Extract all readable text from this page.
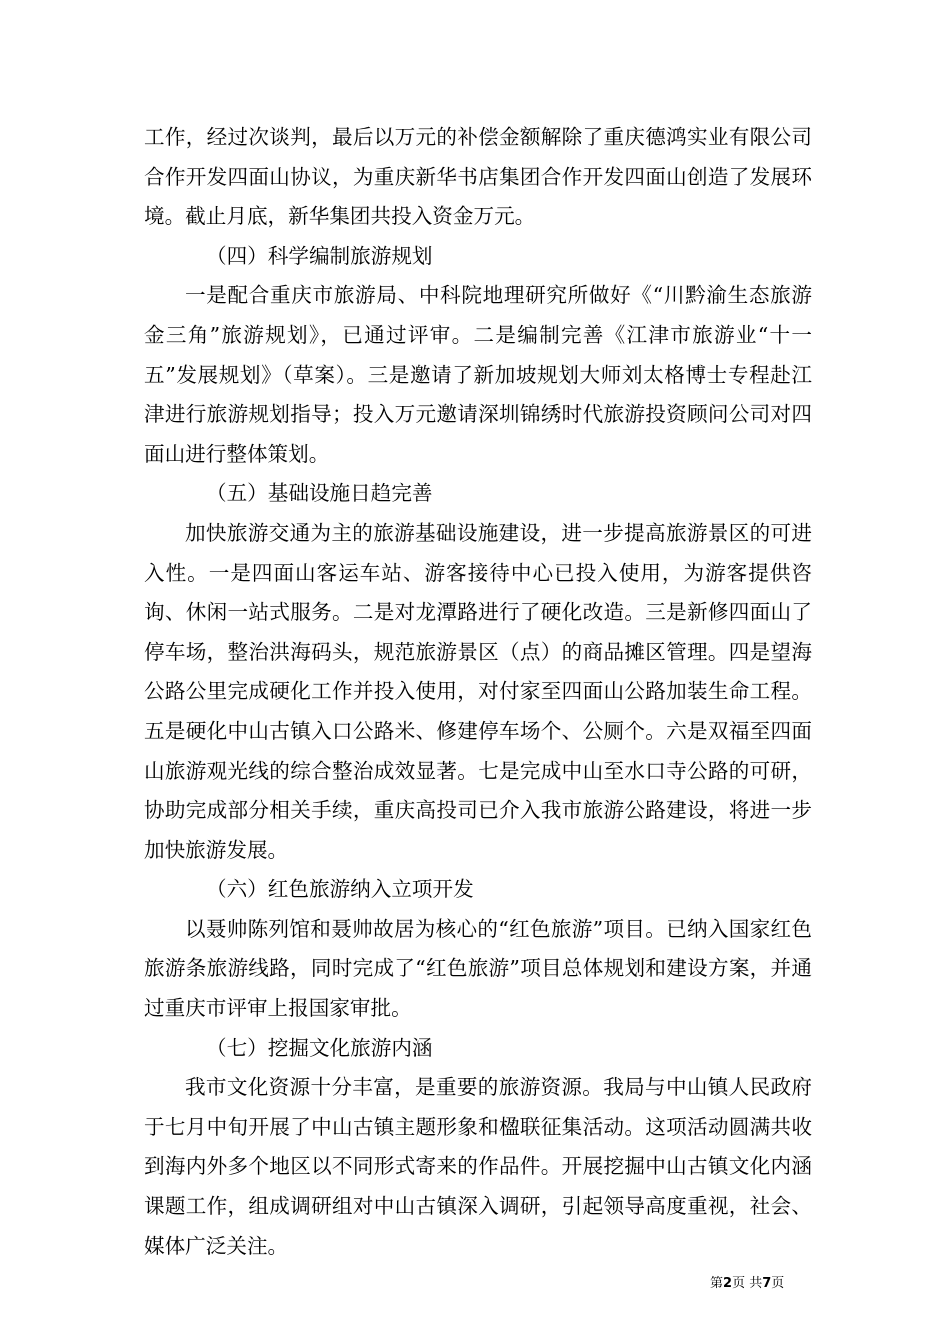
工作，经过次谈判，最后以万元的补偿金额解除了重庆德鸿实业有限公司合作开发四面山协议，为重庆新华书店集团合作开发四面山创造了发展环境。截止月底，新华集团共投入资金万元。

（四）科学编制旅游规划

一是配合重庆市旅游局、中科院地理研究所做好《“川黔渝生态旅游金三角”旅游规划》，已通过评审。二是编制完善《江津市旅游业“十一五”发展规划》（草案）。三是邀请了新加坡规划大师刘太格博士专程赴江津进行旅游规划指导；投入万元邀请深圳锦绣时代旅游投资顾问公司对四面山进行整体策划。

（五）基础设施日趋完善

加快旅游交通为主的旅游基础设施建设，进一步提高旅游景区的可进入性。一是四面山客运车站、游客接待中心已投入使用，为游客提供咨询、休闲一站式服务。二是对龙潭路进行了硬化改造。三是新修四面山了停车场，整治洪海码头，规范旅游景区（点）的商品摊区管理。四是望海公路公里完成硬化工作并投入使用，对付家至四面山公路加装生命工程。五是硬化中山古镇入口公路米、修建停车场个、公厕个。六是双福至四面山旅游观光线的综合整治成效显著。七是完成中山至水口寺公路的可研，协助完成部分相关手续，重庆高投司已介入我市旅游公路建设，将进一步加快旅游发展。

（六）红色旅游纳入立项开发

以聂帅陈列馆和聂帅故居为核心的“红色旅游”项目。已纳入国家红色旅游条旅游线路，同时完成了“红色旅游”项目总体规划和建设方案，并通过重庆市评审上报国家审批。

（七）挖掘文化旅游内涵

我市文化资源十分丰富，是重要的旅游资源。我局与中山镇人民政府于七月中旬开展了中山古镇主题形象和楹联征集活动。这项活动圆满共收到海内外多个地区以不同形式寄来的作品件。开展挖掘中山古镇文化内涵课题工作，组成调研组对中山古镇深入调研，引起领导高度重视，社会、媒体广泛关注。

第2页 共7页
